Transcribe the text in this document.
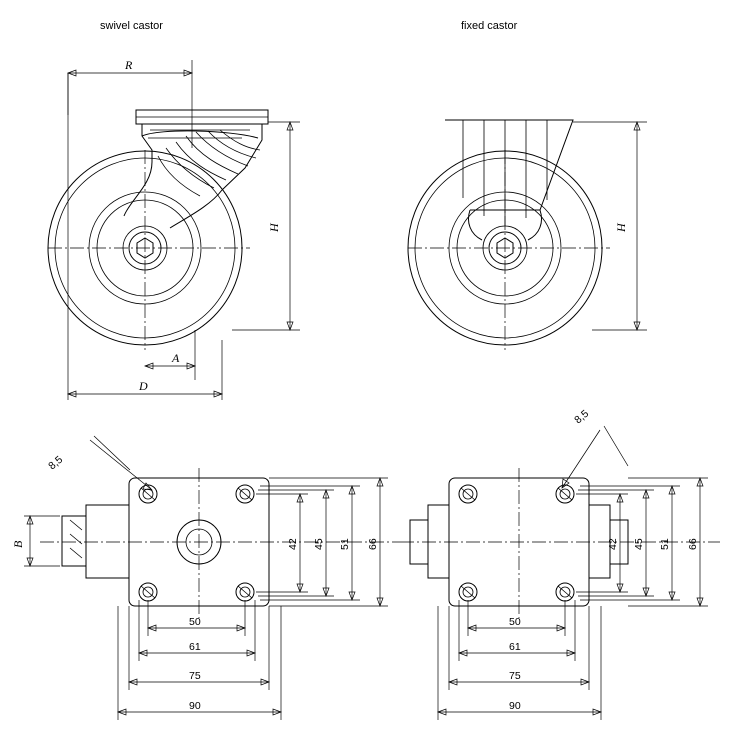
swivel castor	fixed castor
R
H
A
D
H
8,5
B	42 45 51 66
50
61
75
90
8,5
42 45 51 66
50
61
75
90
